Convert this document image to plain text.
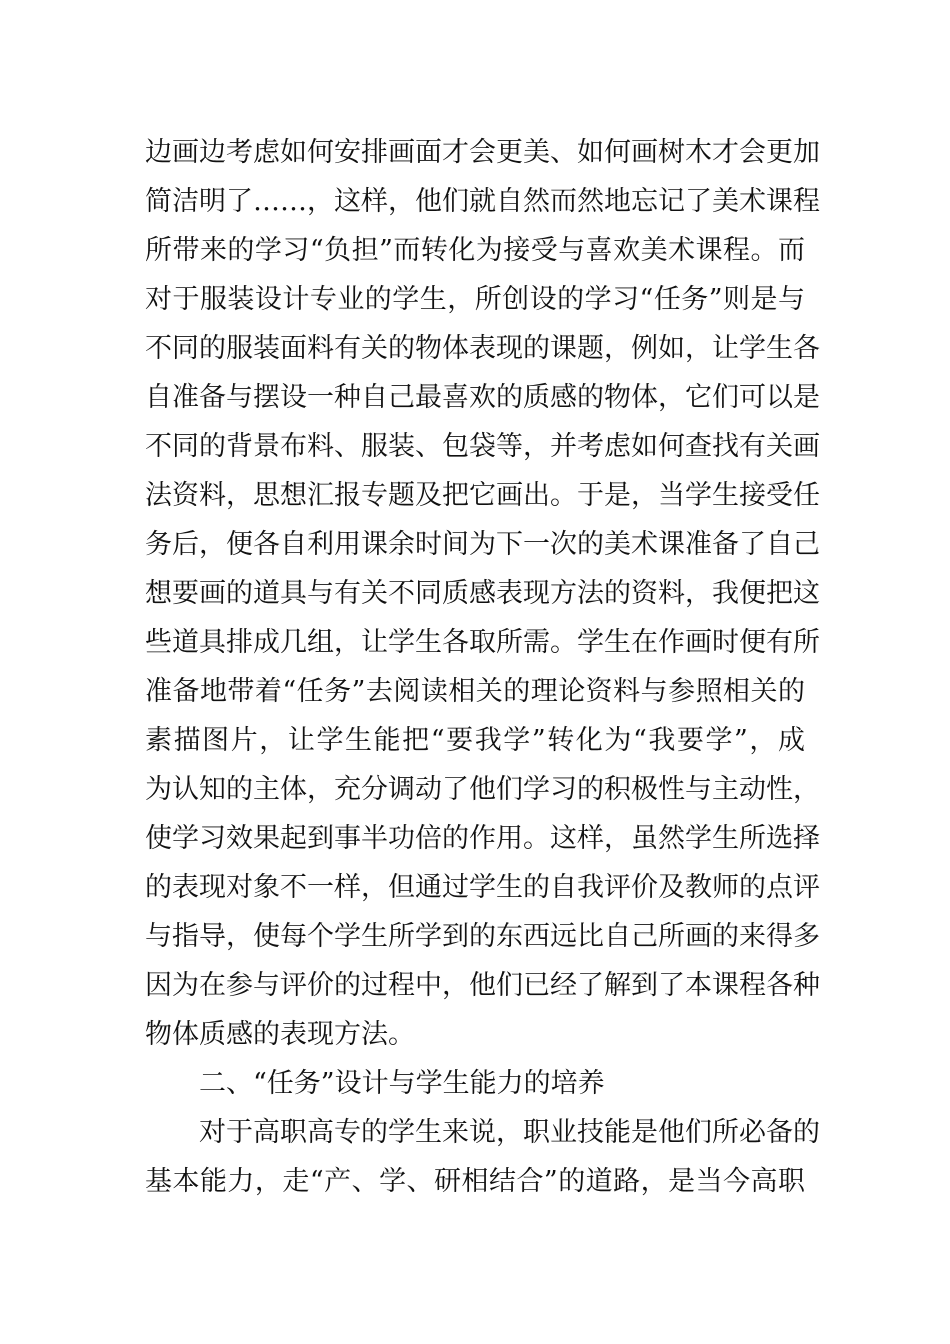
边画边考虑如何安排画面才会更美、如何画树木才会更加
简洁明了……，这样，他们就自然而然地忘记了美术课程
所带来的学习“负担”而转化为接受与喜欢美术课程。而
对于服装设计专业的学生，所创设的学习“任务”则是与
不同的服装面料有关的物体表现的课题，例如，让学生各
自准备与摆设一种自己最喜欢的质感的物体，它们可以是
不同的背景布料、服装、包袋等，并考虑如何查找有关画
法资料，思想汇报专题及把它画出。于是，当学生接受任
务后，便各自利用课余时间为下一次的美术课准备了自己
想要画的道具与有关不同质感表现方法的资料，我便把这
些道具排成几组，让学生各取所需。学生在作画时便有所
准备地带着“任务”去阅读相关的理论资料与参照相关的
素描图片，让学生能把“要我学”转化为“我要学”，成
为认知的主体，充分调动了他们学习的积极性与主动性，
使学习效果起到事半功倍的作用。这样，虽然学生所选择
的表现对象不一样，但通过学生的自我评价及教师的点评
与指导，使每个学生所学到的东西远比自己所画的来得多
因为在参与评价的过程中，他们已经了解到了本课程各种
物体质感的表现方法。
二、“任务”设计与学生能力的培养
对于高职高专的学生来说，职业技能是他们所必备的
基本能力，走“产、学、研相结合”的道路，是当今高职
